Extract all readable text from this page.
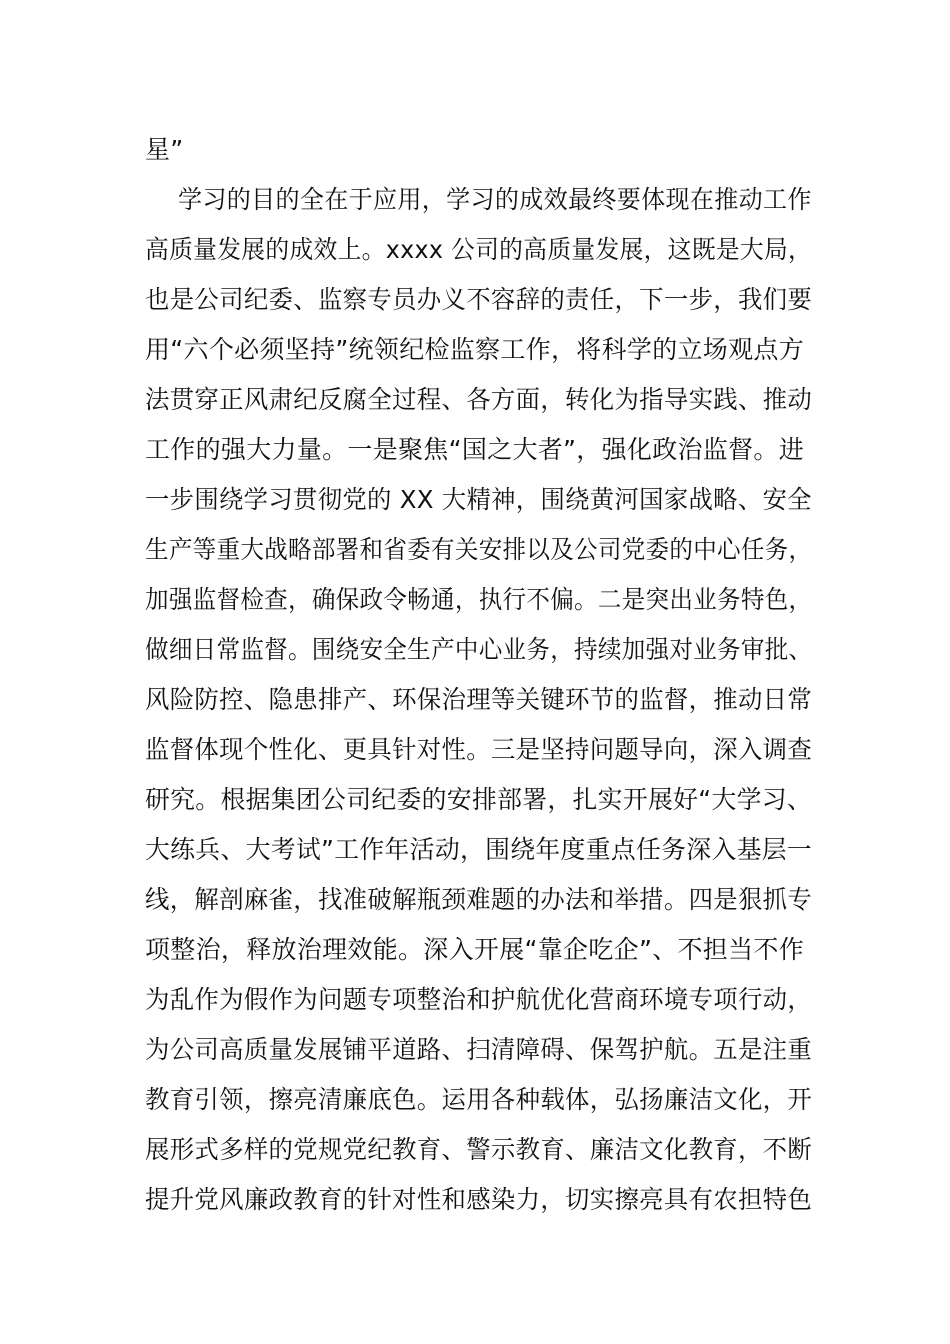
星”
学习的目的全在于应用，学习的成效最终要体现在推动工作
高质量发展的成效上。xxxx 公司的高质量发展，这既是大局，
也是公司纪委、监察专员办义不容辞的责任，下一步，我们要
用“六个必须坚持”统领纪检监察工作，将科学的立场观点方
法贯穿正风肃纪反腐全过程、各方面，转化为指导实践、推动
工作的强大力量。一是聚焦“国之大者”，强化政治监督。进
一步围绕学习贯彻党的 XX 大精神，围绕黄河国家战略、安全
生产等重大战略部署和省委有关安排以及公司党委的中心任务，
加强监督检查，确保政令畅通，执行不偏。二是突出业务特色，
做细日常监督。围绕安全生产中心业务，持续加强对业务审批、
风险防控、隐患排产、环保治理等关键环节的监督，推动日常
监督体现个性化、更具针对性。三是坚持问题导向，深入调查
研究。根据集团公司纪委的安排部署，扎实开展好“大学习、
大练兵、大考试”工作年活动，围绕年度重点任务深入基层一
线，解剖麻雀，找准破解瓶颈难题的办法和举措。四是狠抓专
项整治，释放治理效能。深入开展“靠企吃企”、不担当不作
为乱作为假作为问题专项整治和护航优化营商环境专项行动，
为公司高质量发展铺平道路、扫清障碍、保驾护航。五是注重
教育引领，擦亮清廉底色。运用各种载体，弘扬廉洁文化，开
展形式多样的党规党纪教育、警示教育、廉洁文化教育，不断
提升党风廉政教育的针对性和感染力，切实擦亮具有农担特色
